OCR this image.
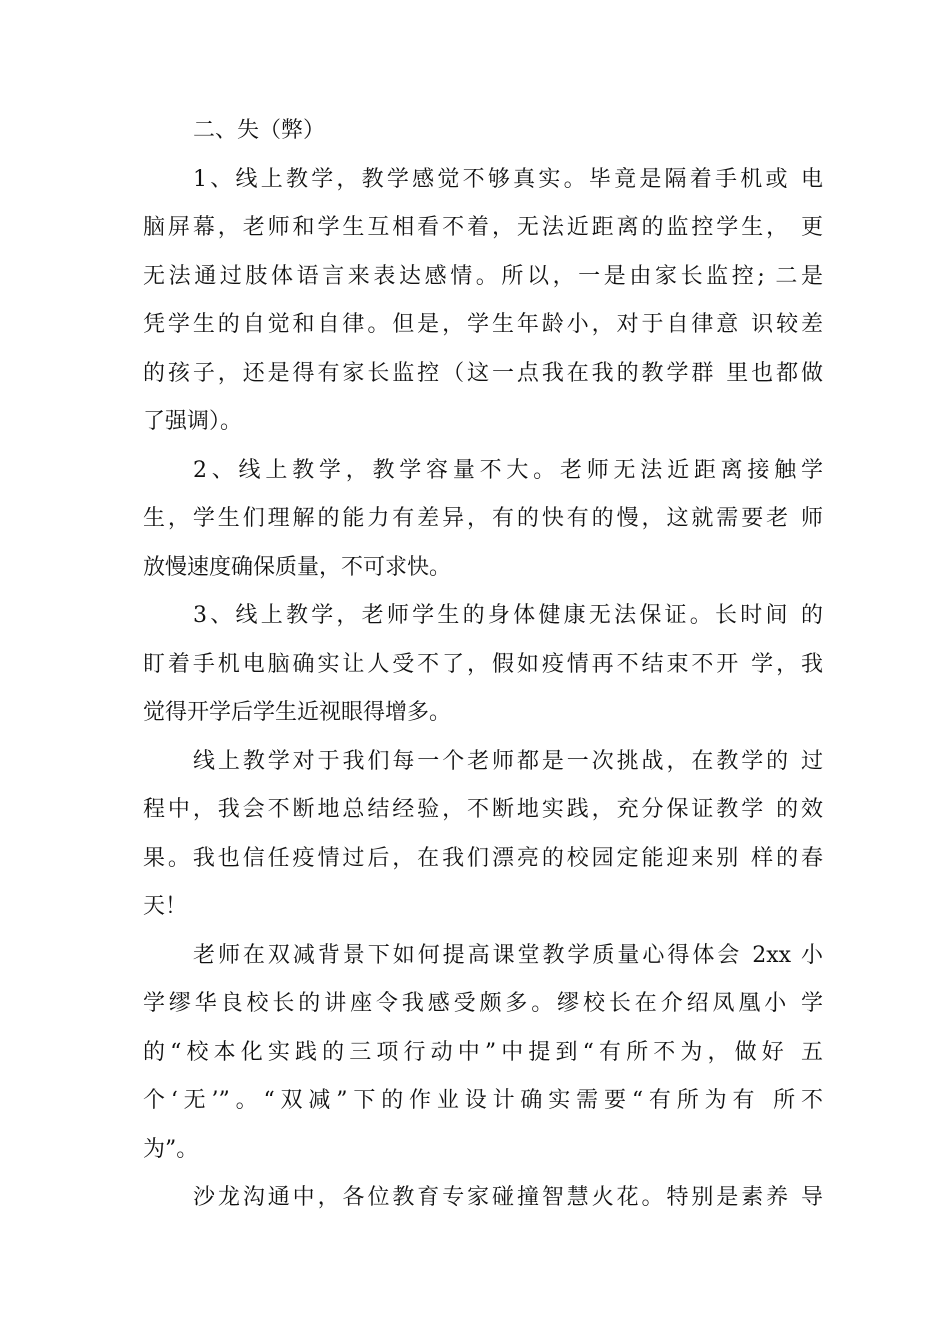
二、失（弊）
1、线上教学，教学感觉不够真实。毕竟是隔着手机或 电
脑屏幕，老师和学生互相看不着，无法近距离的监控学生， 更
无法通过肢体语言来表达感情。所以，一是由家长监控; 二是
凭学生的自觉和自律。但是，学生年龄小，对于自律意 识较差
的孩子，还是得有家长监控（这一点我在我的教学群 里也都做
了强调）。
2、线上教学，教学容量不大。老师无法近距离接触学
生，学生们理解的能力有差异，有的快有的慢，这就需要老 师
放慢速度确保质量，不可求快。
3、线上教学，老师学生的身体健康无法保证。长时间 的
盯着手机电脑确实让人受不了，假如疫情再不结束不开 学，我
觉得开学后学生近视眼得增多。
线上教学对于我们每一个老师都是一次挑战，在教学的 过
程中，我会不断地总结经验，不断地实践，充分保证教学 的效
果。我也信任疫情过后，在我们漂亮的校园定能迎来别 样的春
天！
老师在双减背景下如何提高课堂教学质量心得体会 2xx 小
学缪华良校长的讲座令我感受颇多。缪校长在介绍凤凰小 学
的“校本化实践的三项行动中”中提到“有所不为，做好 五
个‘无’”。“双减”下的作业设计确实需要“有所为有 所不
为”。
沙龙沟通中，各位教育专家碰撞智慧火花。特别是素养 导
